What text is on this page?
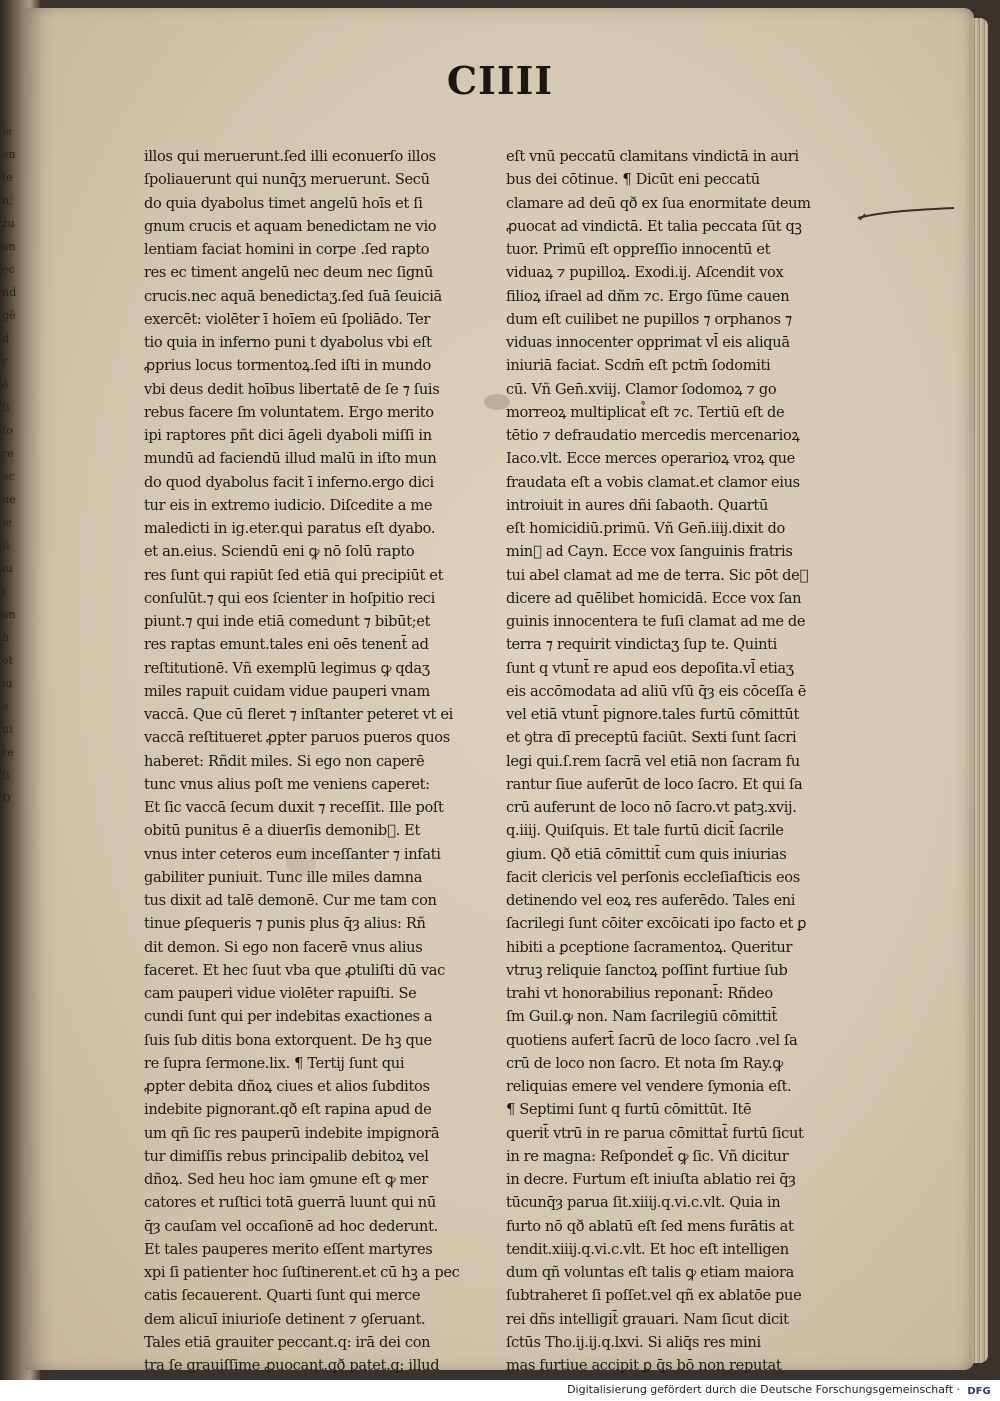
le
en
ſe
n;
zu
an
ec
nd
gē
d
r
ō
ſi
ſo
re
ec
ue
ie
ſi
iu
i
an
h
ot
iu
e
ui
re
ſi
D
CIIII
illos qui meruerunt.ſed illi econuerſo illos
ſpoliauerunt qui nunq̄ʒ meruerunt. Secū
do quia dyabolus timet angelū hoīs et ſi
gnum crucis et aquam benedictam ne vio
lentiam faciat homini in corpe .ſed rapto
res ec timent angelū nec deum nec ſignū
crucis.nec aquā benedictaʒ.ſed ſuā ſeuiciā
exercēt: violēter ī hoīem eū ſpoliādo. Ter
tio quia in inferno puni t dyabolus vbi eſt
ꝓprius locus tormentoꝝ.ſed iſti in mundo
vbi deus dedit hoībus libertatē de ſe ⁊ ſuis
rebus facere ſm voluntatem. Ergo merito
ipi raptores pñt dici āgeli dyaboli miſſi in
mundū ad faciendū illud malū in iſto mun
do quod dyabolus facit ī inferno.ergo dici
tur eis in extremo iudicio. Diſcedite a me
maledicti in ig.eter.qui paratus eſt dyabo.
et an.eius. Sciendū eni ꝙ nō ſolū rapto
res ſunt qui rapiūt ſed etiā qui precipiūt et
conſulūt.⁊ qui eos ſcienter in hoſpitio reci
piunt.⁊ qui inde etiā comedunt ⁊ bibūt;et
res raptas emunt.tales eni oēs tenent̄ ad
reſtitutionē. Vñ exemplū legimus ꝙ qdaʒ
miles rapuit cuidam vidue pauperi vnam
vaccā. Que cū fleret ⁊ inſtanter peteret vt ei
vaccā reſtitueret ꝓpter paruos pueros quos
haberet: Rñdit miles. Si ego non caperē
tunc vnus alius poſt me veniens caperet:
Et ſic vaccā ſecum duxit ⁊ receſſit. Ille poſt
obitū punitus ē a diuerſis demonib᷒. Et
vnus inter ceteros eum inceſſanter ⁊ infati
gabiliter puniuit. Tunc ille miles damna
tus dixit ad talē demonē. Cur me tam con
tinue ꝑſequeris ⁊ punis plus q̄ȝ alius: Rñ
dit demon. Si ego non facerē vnus alius
faceret. Et hec ſuut vba que ꝓtuliſti dū vac
cam pauperi vidue violēter rapuiſti. Se
cundi ſunt qui per indebitas exactiones a
ſuis ſub ditis bona extorquent. De hꝫ que
re ſupra ſermone.lix. ¶ Tertij ſunt qui
ꝓpter debita dñoꝝ ciues et alios ſubditos
indebite pignorant.qð eſt rapina apud de
um qñ ſic res pauperū indebite impignorā
tur dimiſſis rebus principalib debitoꝝ vel
dñoꝝ. Sed heu hoc iam ꝯmune eſt ꝙ mer
catores et ruſtici totā guerrā luunt qui nū
q̄ȝ cauſam vel occaſionē ad hoc dederunt.
Et tales pauperes merito eſſent martyres
xpi ſi patienter hoc ſuſtinerent.et cū hꝫ a pec
catis ſecauerent. Quarti ſunt qui merce
dem alicuī iniurioſe detinent ⁊ ꝯſeruant.
Tales etiā grauiter peccant.q: irā dei con
tra ſe grauiſſime ꝓuocant.qð patet.q: illud
eſt vnū peccatū clamitans vindictā in auri
bus dei cōtinue. ¶ Dicūt eni peccatū
clamare ad deū qð ex ſua enormitate deum
ꝓuocat ad vindictā. Et talia peccata ſūt qꝫ
tuor. Primū eſt oppreſſio innocentū et
viduaꝝ ⁊ pupilloꝝ. Exodi.ij. Aſcendit vox
filioꝝ iſrael ad dñm ⁊c. Ergo ſūme cauen
dum eſt cuilibet ne pupillos ⁊ orphanos ⁊
viduas innocenter opprimat vl̄ eis aliquā
iniuriā faciat. Scdm̄ eſt pctm̄ ſodomiti
cū. Vñ Gen̄.xviij. Clamor ſodomoꝝ ⁊ go
morreoꝝ multiplicat᷒ eſt ⁊c. Tertiū eſt de
tētio ⁊ defraudatio mercedis mercenarioꝝ
Iaco.vlt. Ecce merces operarioꝝ vroꝝ que
fraudata eſt a vobis clamat.et clamor eius
introiuit in aures dñi ſabaoth. Quartū
eſt homicidiū.primū. Vñ Gen̄.iiij.dixit do
min᷒ ad Cayn. Ecce vox ſanguinis fratris
tui abel clamat ad me de terra. Sic pōt de᷒
dicere ad quēlibet homicidā. Ecce vox ſan
guinis innocentera te fuſi clamat ad me de
terra ⁊ requirit vindictaʒ ſup te. Quinti
ſunt q vtunt̄ re apud eos depoſita.vl̄ etiaʒ
eis accōmodata ad aliū vſū q̄ȝ eis cōceſſa ē
vel etiā vtunt̄ pignore.tales furtū cōmittūt
et ꝯtra dī preceptū faciūt. Sexti ſunt ſacri
legi qui.ſ.rem ſacrā vel etiā non ſacram fu
rantur ſiue auferūt de loco ſacro. Et qui ſa
crū auferunt de loco nō ſacro.vt patꝫ.xvij.
q.iiij. Quiſquis. Et tale furtū dicit̄ ſacrile
gium. Qð etiā cōmittit̄ cum quis iniurias
facit clericis vel perſonis eccleſiaſticis eos
detinendo vel eoꝝ res auferēdo. Tales eni
ſacrilegi ſunt cōiter excōicati ipo facto et ꝑ
hibiti a ꝑceptione ſacramentoꝝ. Queritur
vtruꝫ reliquie ſanctoꝝ poſſint furtiue ſub
trahi vt honorabilius reponant̄: Rñdeo
ſm Guil.ꝙ non. Nam ſacrilegiū cōmittit̄
quotiens aufert̄ ſacrū de loco ſacro .vel ſa
crū de loco non ſacro. Et nota ſm Ray.ꝙ
reliquias emere vel vendere ſymonia eſt.
¶ Septimi ſunt q furtū cōmittūt. Itē
querit̄ vtrū in re parua cōmittat̄ furtū ſicut
in re magna: Reſpondet̄ ꝙ ſic. Vñ dicitur
in decre. Furtum eſt iniuſta ablatio rei q̄ȝ
tūcunq̄ȝ parua ſit.xiiij.q.vi.c.vlt. Quia in
furto nō qð ablatū eſt ſed mens furātis at
tendit.xiiij.q.vi.c.vlt. Et hoc eſt intelligen
dum qñ voluntas eſt talis ꝙ etiam maiora
ſubtraheret ſi poſſet.vel qñ ex ablatōe pue
rei dñs intelligit̄ grauari. Nam ſicut dicit
ſctūs Tho.ij.ij.q.lxvi. Si aliq̄s res mini
mas furtiue accipit ꝑ q̄s bō non reputat
Digitalisierung gefördert durch die Deutsche Forschungsgemeinschaft · DFG
